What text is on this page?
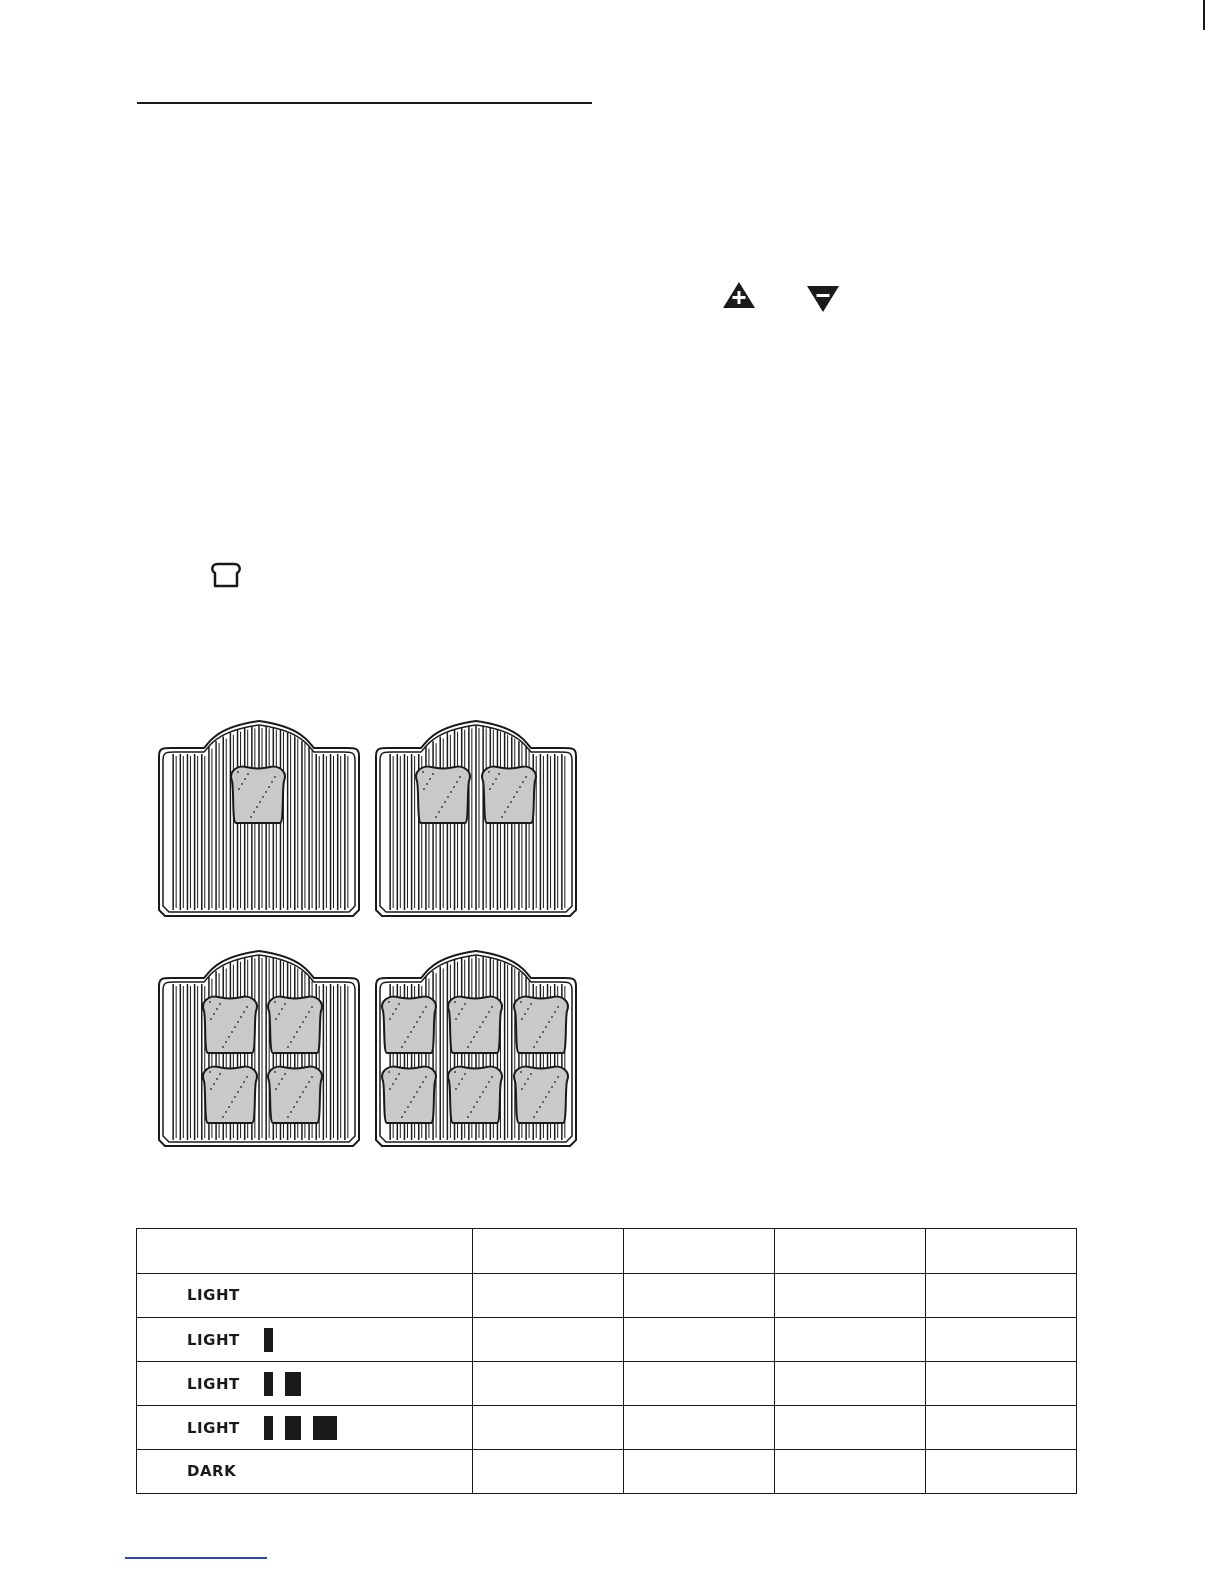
LIGHT				
LIGHT				
LIGHT				
LIGHT				
DARK				
